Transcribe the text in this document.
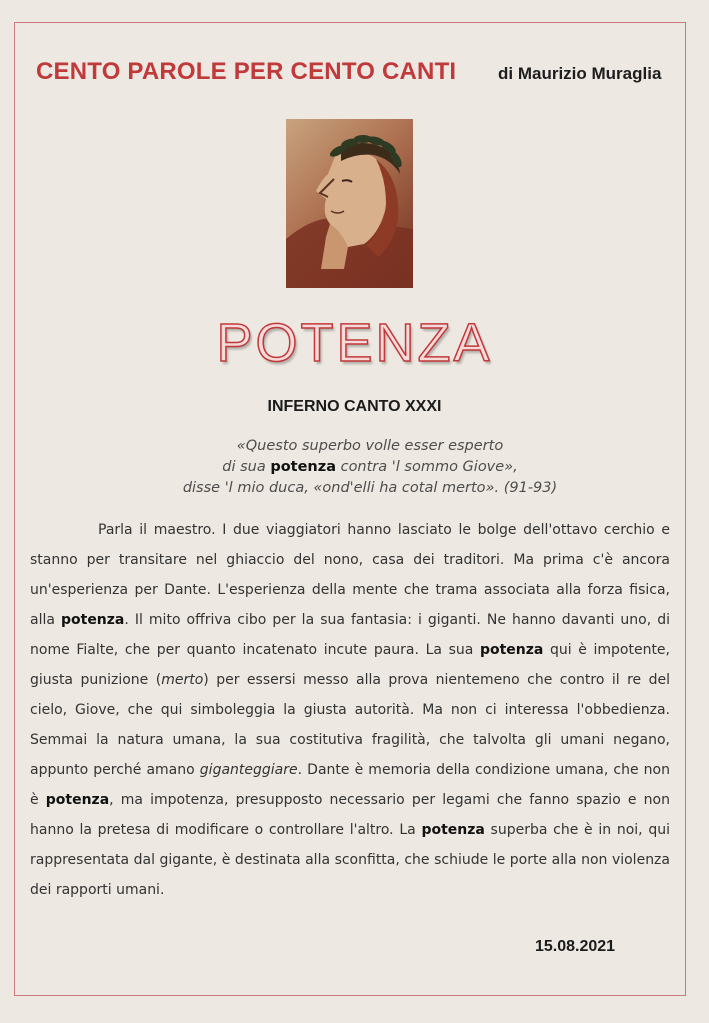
CENTO PAROLE PER CENTO CANTI di Maurizio Muraglia
POTENZA
INFERNO CANTO XXXI
«Questo superbo volle esser esperto
di sua potenza contra 'l sommo Giove»,
disse 'l mio duca, «ond'elli ha cotal merto». (91-93)
Parla il maestro. I due viaggiatori hanno lasciato le bolge dell'ottavo cerchio e stanno per transitare nel ghiaccio del nono, casa dei traditori. Ma prima c'è ancora un'esperienza per Dante. L'esperienza della mente che trama associata alla forza fisica, alla potenza. Il mito offriva cibo per la sua fantasia: i giganti. Ne hanno davanti uno, di nome Fialte, che per quanto incatenato incute paura. La sua potenza qui è impotente, giusta punizione (merto) per essersi messo alla prova nientemeno che contro il re del cielo, Giove, che qui simboleggia la giusta autorità. Ma non ci interessa l'obbedienza. Semmai la natura umana, la sua costitutiva fragilità, che talvolta gli umani negano, appunto perché amano giganteggiare. Dante è memoria della condizione umana, che non è potenza, ma impotenza, presupposto necessario per legami che fanno spazio e non hanno la pretesa di modificare o controllare l'altro. La potenza superba che è in noi, qui rappresentata dal gigante, è destinata alla sconfitta, che schiude le porte alla non violenza dei rapporti umani.
15.08.2021
